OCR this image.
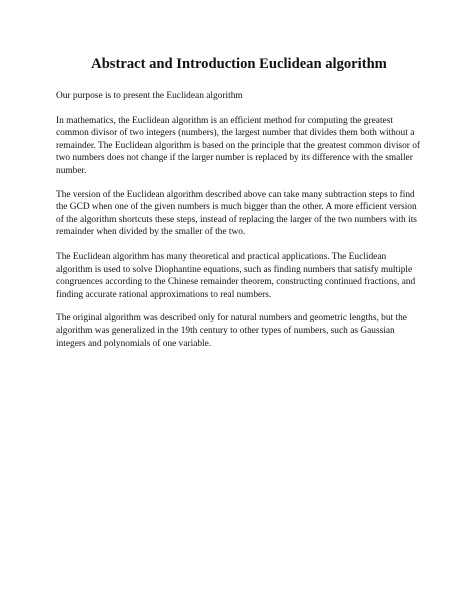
Abstract and Introduction Euclidean algorithm

Our purpose is to present the Euclidean algorithm

In mathematics, the Euclidean algorithm is an efficient method for computing the greatest common divisor of two integers (numbers), the largest number that divides them both without a remainder. The Euclidean algorithm is based on the principle that the greatest common divisor of two numbers does not change if the larger number is replaced by its difference with the smaller number.

The version of the Euclidean algorithm described above can take many subtraction steps to find the GCD when one of the given numbers is much bigger than the other. A more efficient version of the algorithm shortcuts these steps, instead of replacing the larger of the two numbers with its remainder when divided by the smaller of the two.

The Euclidean algorithm has many theoretical and practical applications. The Euclidean algorithm is used to solve Diophantine equations, such as finding numbers that satisfy multiple congruences according to the Chinese remainder theorem, constructing continued fractions, and finding accurate rational approximations to real numbers.

The original algorithm was described only for natural numbers and geometric lengths, but the algorithm was generalized in the 19th century to other types of numbers, such as Gaussian integers and polynomials of one variable.
